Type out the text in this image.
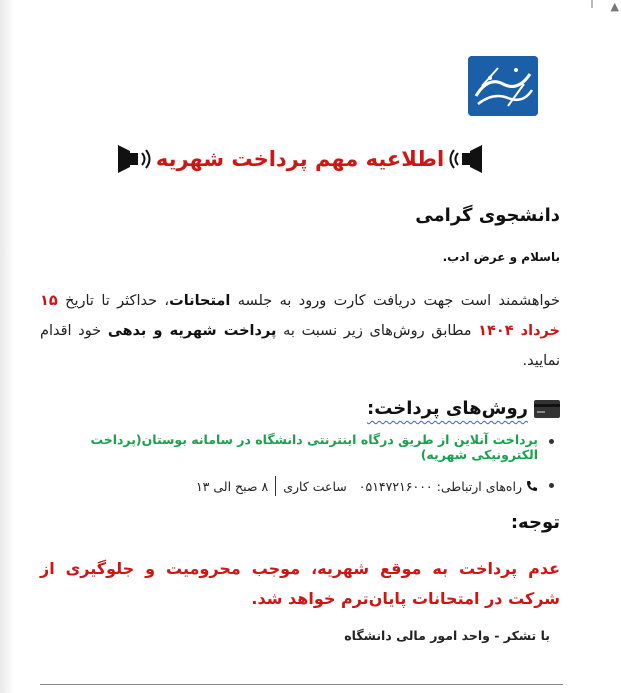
▲
اطلاعیه مهم پرداخت شهریه
دانشجوی گرامی
باسلام و عرض ادب.
خواهشمند است جهت دریافت کارت ورود به جلسه امتحانات، حداکثر تا تاریخ ۱۵ خرداد ۱۴۰۴ مطابق روش‌های زیر نسبت به پرداخت شهریه و بدهی خود اقدام نمایید.
روش‌های پرداخت:
پرداخت آنلاین از طریق درگاه اینترنتی دانشگاه در سامانه بوستان(پرداخت الکترونیکی شهریه)
راه‌های ارتباطی:
۰۵۱۴۷۲۱۶۰۰۰

ساعت کاری
۸ صبح الی ۱۳
توجه:
عدم پرداخت به موقع شهریه، موجب محرومیت و جلوگیری از شرکت در امتحانات پایان‌ترم خواهد شد.
با تشکر - واحد امور مالی دانشگاه
